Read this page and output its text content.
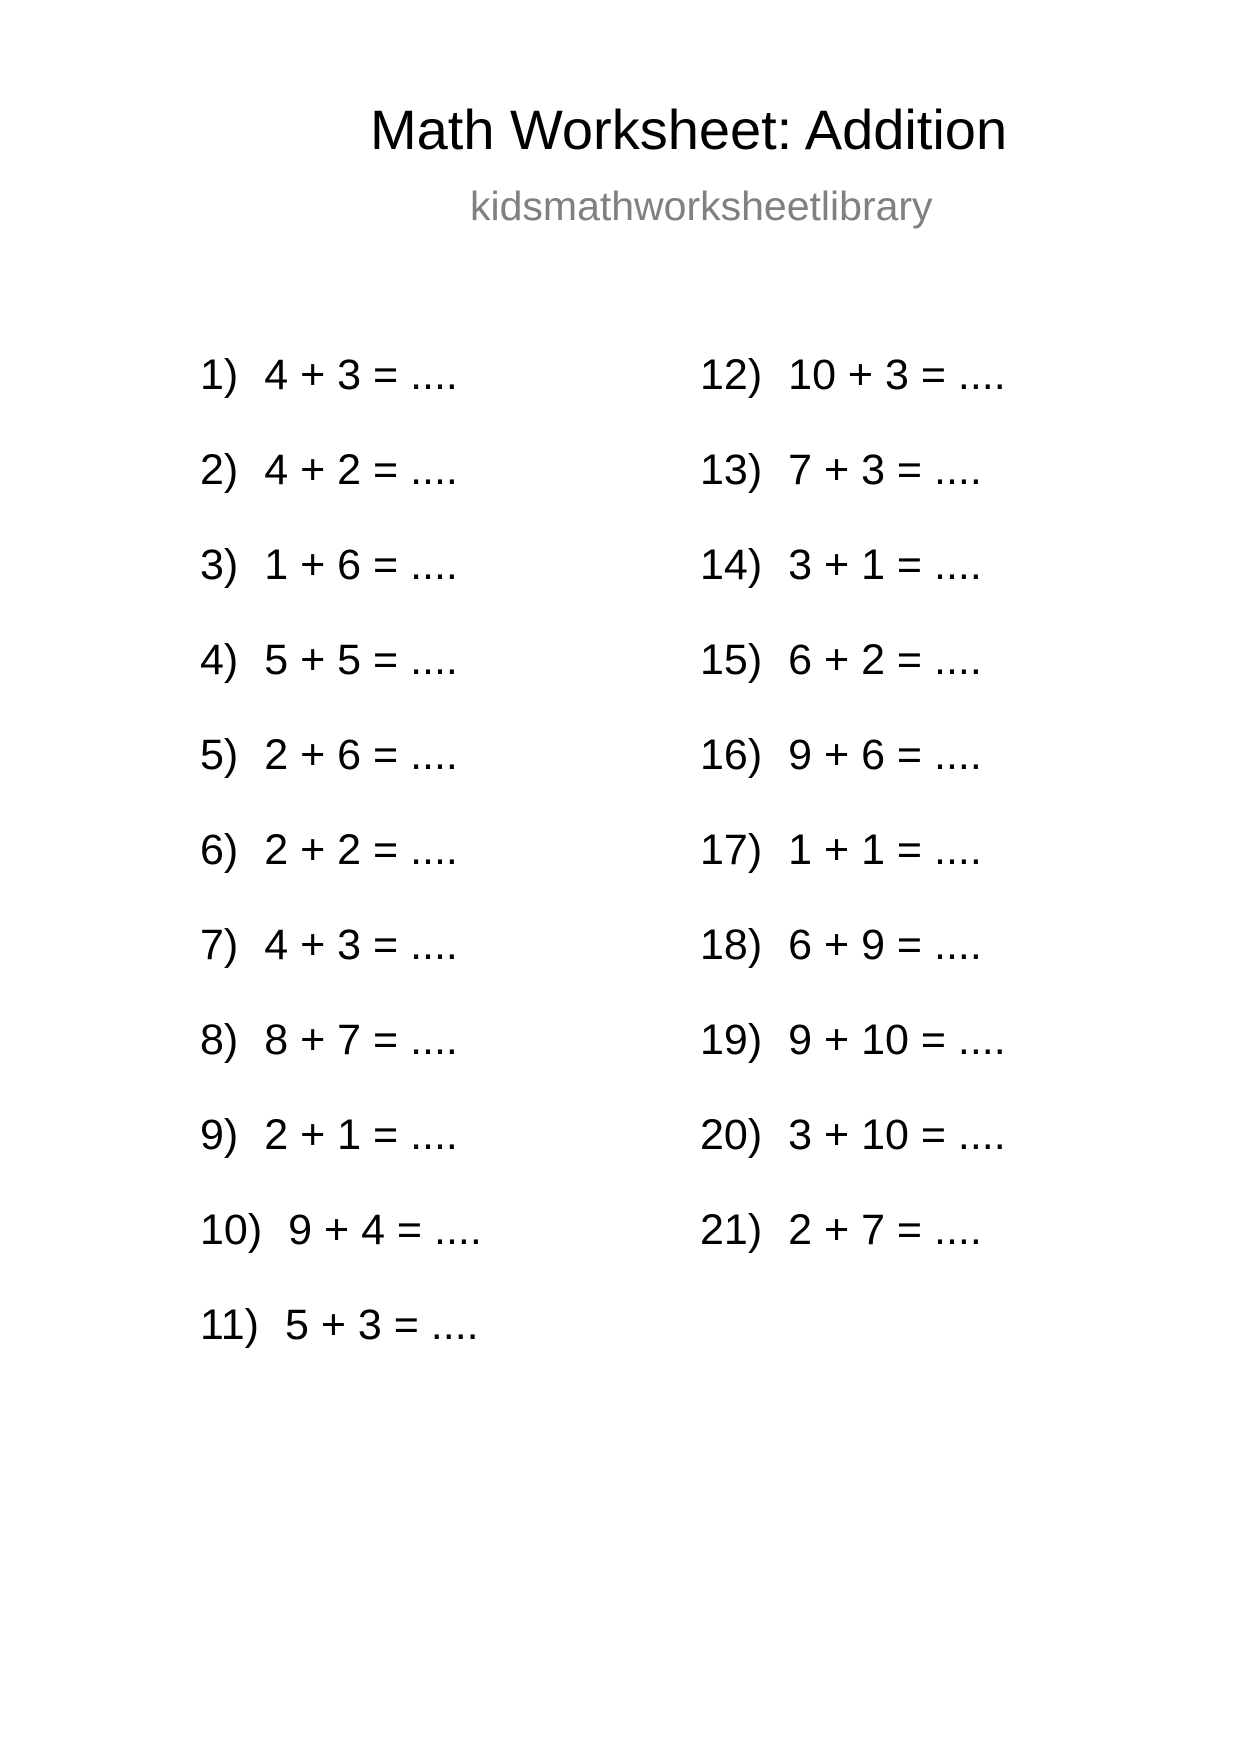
Math Worksheet: Addition
kidsmathworksheetlibrary
1) 4 + 3 = ....
2) 4 + 2 = ....
3) 1 + 6 = ....
4) 5 + 5 = ....
5) 2 + 6 = ....
6) 2 + 2 = ....
7) 4 + 3 = ....
8) 8 + 7 = ....
9) 2 + 1 = ....
10) 9 + 4 = ....
11) 5 + 3 = ....
12) 10 + 3 = ....
13) 7 + 3 = ....
14) 3 + 1 = ....
15) 6 + 2 = ....
16) 9 + 6 = ....
17) 1 + 1 = ....
18) 6 + 9 = ....
19) 9 + 10 = ....
20) 3 + 10 = ....
21) 2 + 7 = ....
